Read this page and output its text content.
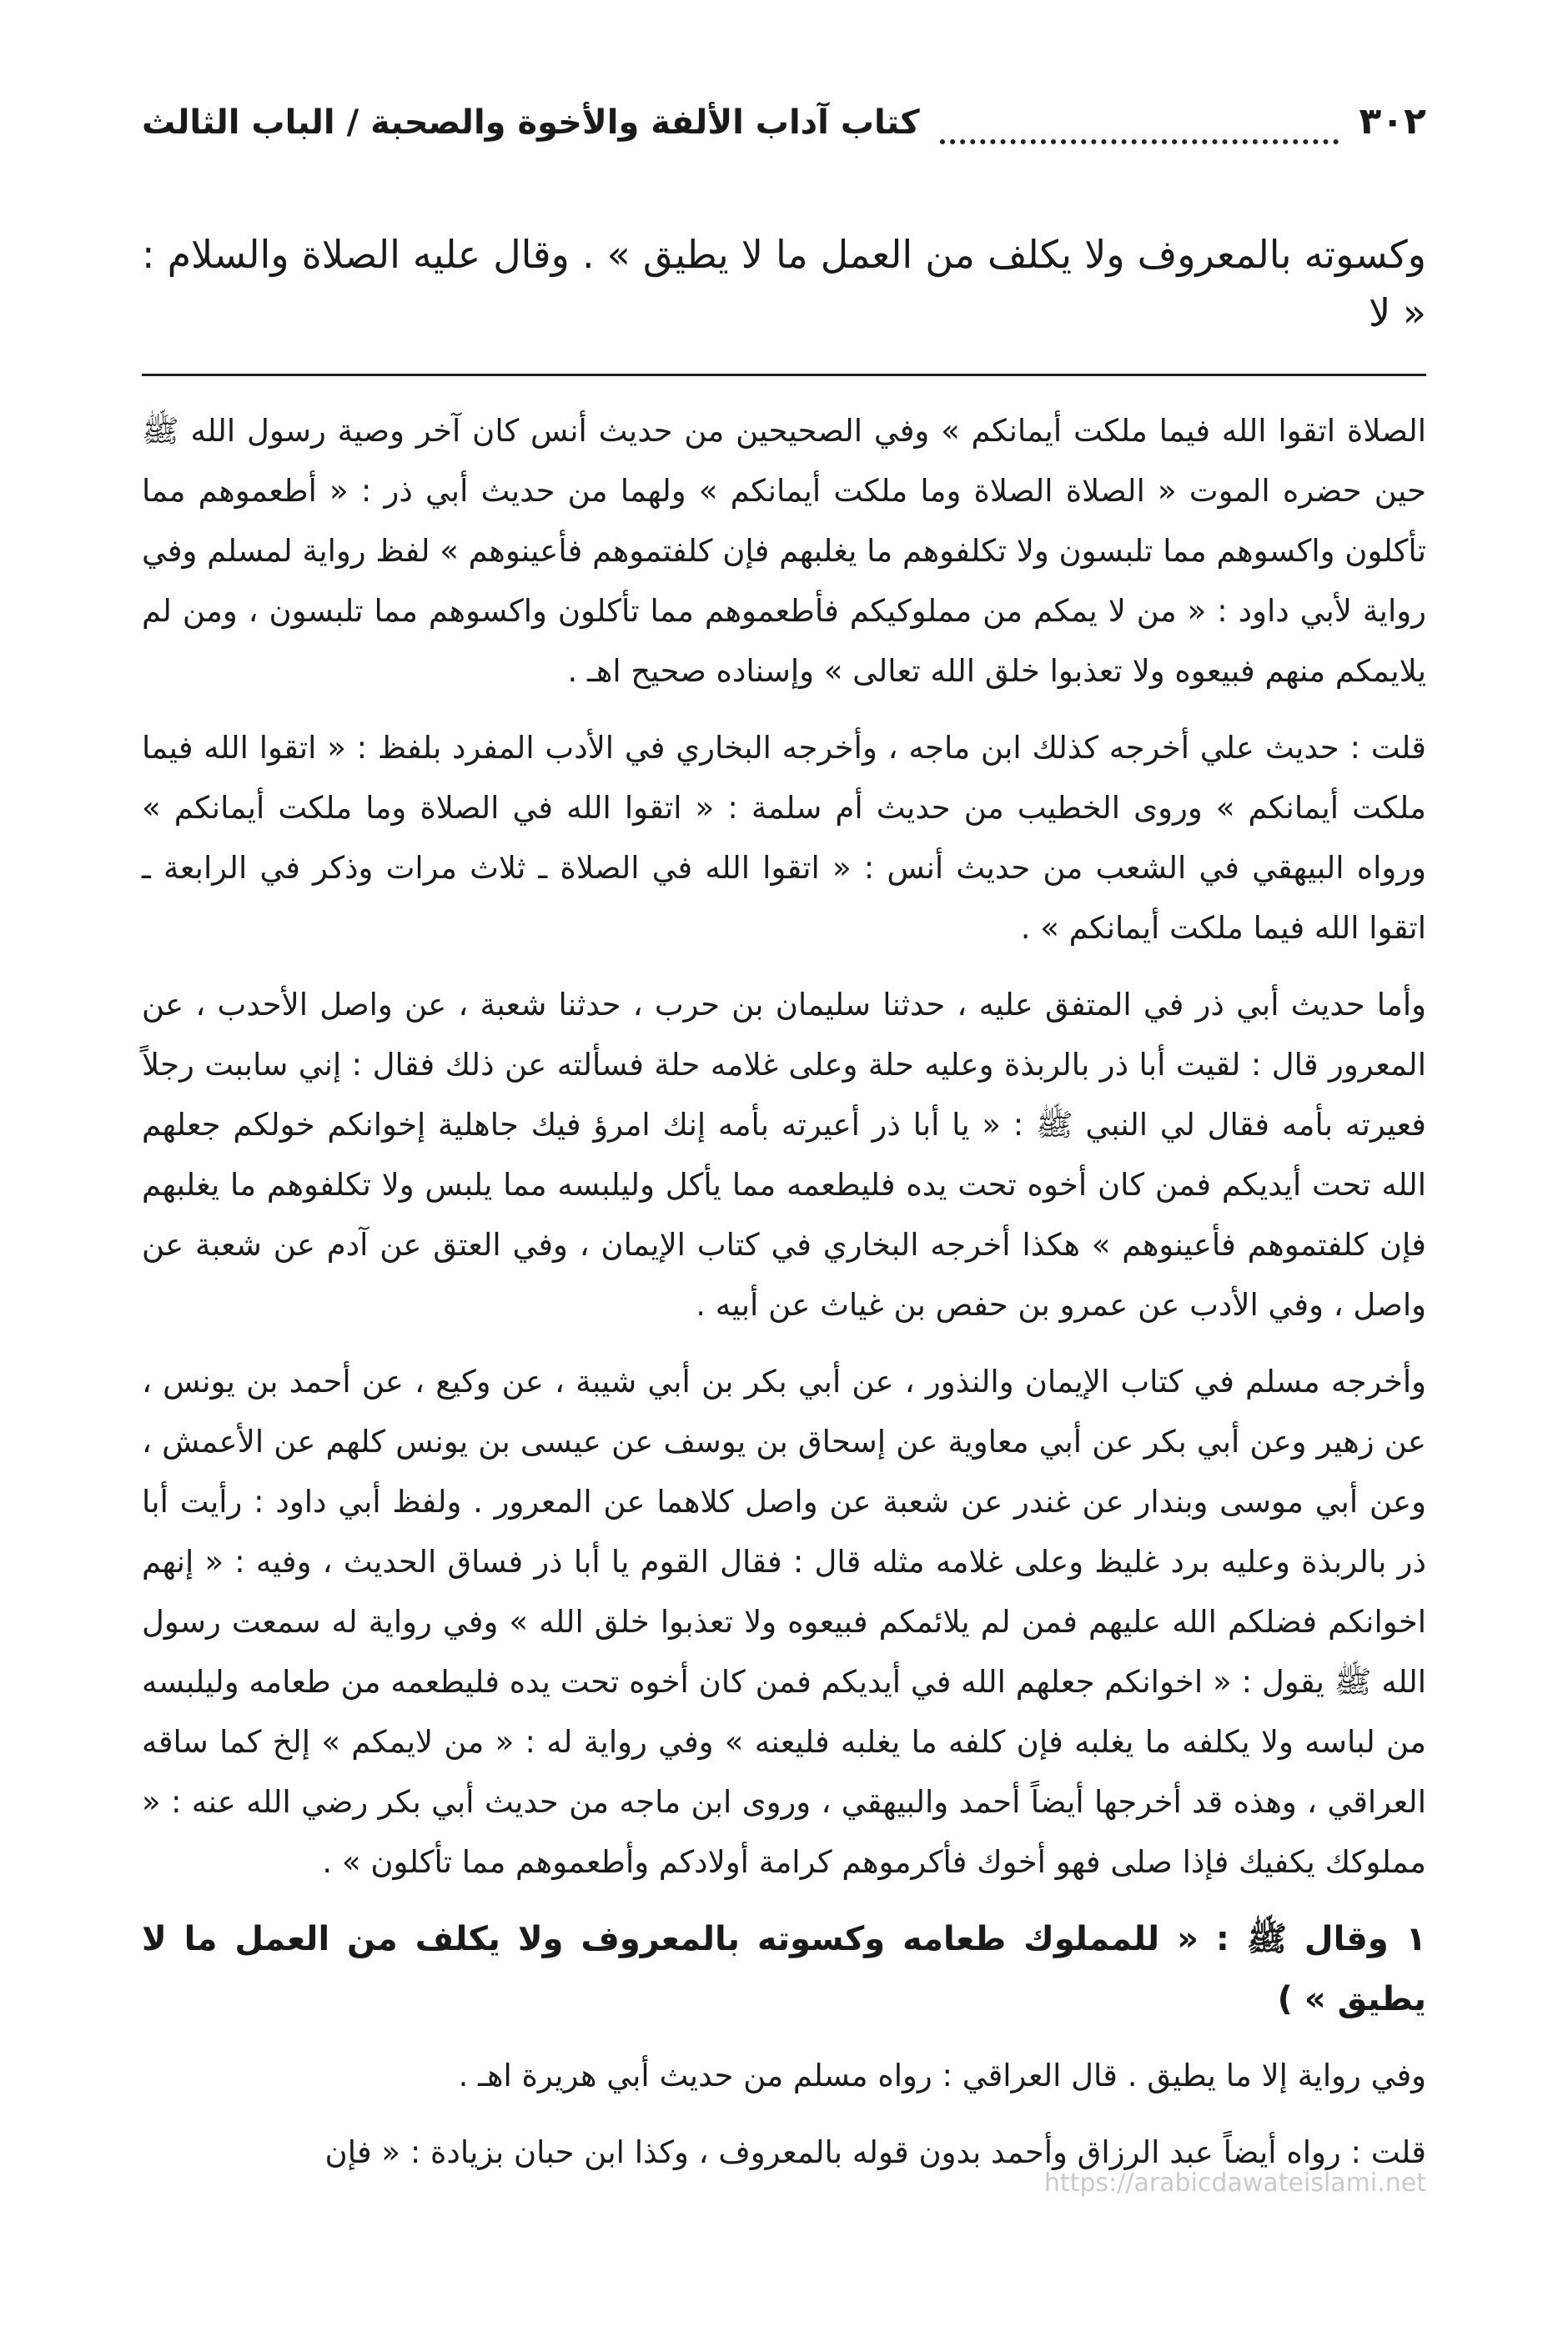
٣٠٢
كتاب آداب الألفة والأخوة والصحبة / الباب الثالث
وكسوته بالمعروف ولا يكلف من العمل ما لا يطيق » . وقال عليه الصلاة والسلام : « لا

الصلاة اتقوا الله فيما ملكت أيمانكم » وفي الصحيحين من حديث أنس كان آخر وصية رسول الله ﷺ حين حضره الموت « الصلاة الصلاة وما ملكت أيمانكم » ولهما من حديث أبي ذر : « أطعموهم مما تأكلون واكسوهم مما تلبسون ولا تكلفوهم ما يغلبهم فإن كلفتموهم فأعينوهم » لفظ رواية لمسلم وفي رواية لأبي داود : « من لا يمكم من مملوكيكم فأطعموهم مما تأكلون واكسوهم مما تلبسون ، ومن لم يلايمكم منهم فبيعوه ولا تعذبوا خلق الله تعالى » وإسناده صحيح اهـ .

قلت : حديث علي أخرجه كذلك ابن ماجه ، وأخرجه البخاري في الأدب المفرد بلفظ : « اتقوا الله فيما ملكت أيمانكم » وروى الخطيب من حديث أم سلمة : « اتقوا الله في الصلاة وما ملكت أيمانكم » ورواه البيهقي في الشعب من حديث أنس : « اتقوا الله في الصلاة ـ ثلاث مرات وذكر في الرابعة ـ اتقوا الله فيما ملكت أيمانكم » .

وأما حديث أبي ذر في المتفق عليه ، حدثنا سليمان بن حرب ، حدثنا شعبة ، عن واصل الأحدب ، عن المعرور قال : لقيت أبا ذر بالربذة وعليه حلة وعلى غلامه حلة فسألته عن ذلك فقال : إني ساببت رجلاً فعيرته بأمه فقال لي النبي ﷺ : « يا أبا ذر أعيرته بأمه إنك امرؤ فيك جاهلية إخوانكم خولكم جعلهم الله تحت أيديكم فمن كان أخوه تحت يده فليطعمه مما يأكل وليلبسه مما يلبس ولا تكلفوهم ما يغلبهم فإن كلفتموهم فأعينوهم » هكذا أخرجه البخاري في كتاب الإيمان ، وفي العتق عن آدم عن شعبة عن واصل ، وفي الأدب عن عمرو بن حفص بن غياث عن أبيه .

وأخرجه مسلم في كتاب الإيمان والنذور ، عن أبي بكر بن أبي شيبة ، عن وكيع ، عن أحمد بن يونس ، عن زهير وعن أبي بكر عن أبي معاوية عن إسحاق بن يوسف عن عيسى بن يونس كلهم عن الأعمش ، وعن أبي موسى وبندار عن غندر عن شعبة عن واصل كلاهما عن المعرور . ولفظ أبي داود : رأيت أبا ذر بالربذة وعليه برد غليظ وعلى غلامه مثله قال : فقال القوم يا أبا ذر فساق الحديث ، وفيه : « إنهم اخوانكم فضلكم الله عليهم فمن لم يلائمكم فبيعوه ولا تعذبوا خلق الله » وفي رواية له سمعت رسول الله ﷺ يقول : « اخوانكم جعلهم الله في أيديكم فمن كان أخوه تحت يده فليطعمه من طعامه وليلبسه من لباسه ولا يكلفه ما يغلبه فإن كلفه ما يغلبه فليعنه » وفي رواية له : « من لايمكم » إلخ كما ساقه العراقي ، وهذه قد أخرجها أيضاً أحمد والبيهقي ، وروى ابن ماجه من حديث أبي بكر رضي الله عنه : « مملوكك يكفيك فإذا صلى فهو أخوك فأكرموهم كرامة أولادكم وأطعموهم مما تأكلون » .

١ وقال ﷺ : « للمملوك طعامه وكسوته بالمعروف ولا يكلف من العمل ما لا يطيق » )

وفي رواية إلا ما يطيق . قال العراقي : رواه مسلم من حديث أبي هريرة اهـ .

قلت : رواه أيضاً عبد الرزاق وأحمد بدون قوله بالمعروف ، وكذا ابن حبان بزيادة : « فإن

https://arabicdawateislami.net
